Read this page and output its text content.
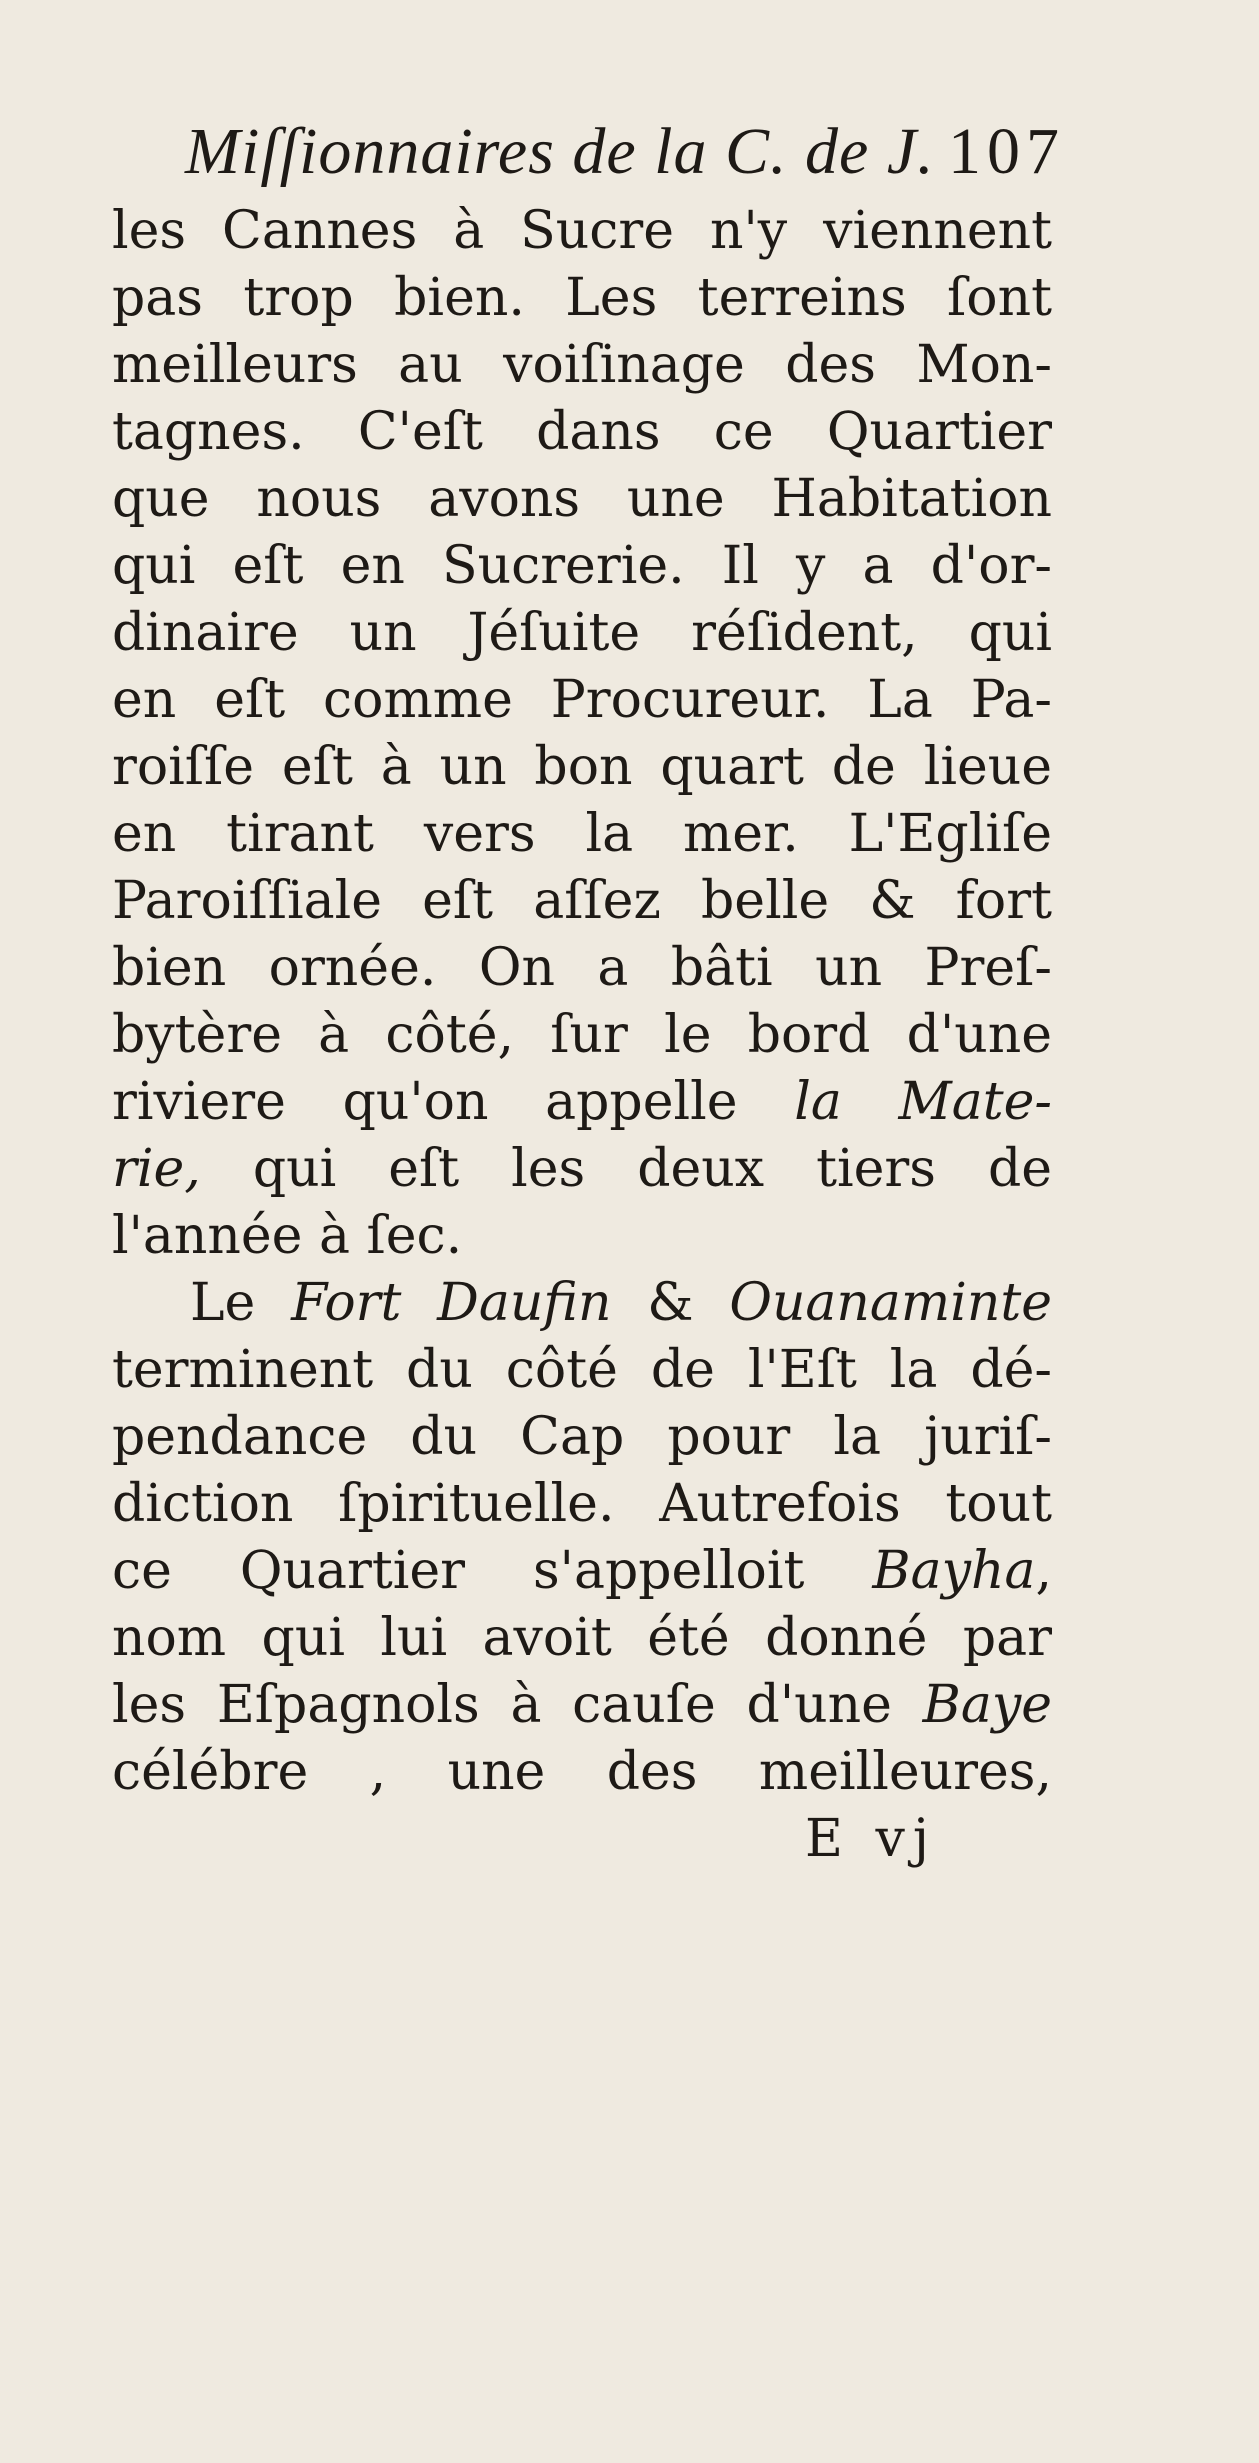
Miſſionnaires de la C. de J. 107
les Cannes à Sucre n'y viennent
pas trop bien. Les terreins ſont
meilleurs au voiſinage des Mon-
tagnes. C'eſt dans ce Quartier
que nous avons une Habitation
qui eſt en Sucrerie. Il y a d'or-
dinaire un Jéſuite réſident, qui
en eſt comme Procureur. La Pa-
roiſſe eſt à un bon quart de lieue
en tirant vers la mer. L'Egliſe
Paroiſſiale eſt aſſez belle & fort
bien ornée. On a bâti un Preſ-
bytère à côté, ſur le bord d'une
riviere qu'on appelle la Mate-
rie, qui eſt les deux tiers de
l'année à ſec.
Le Fort Daufin & Ouanaminte
terminent du côté de l'Eſt la dé-
pendance du Cap pour la juriſ-
diction ſpirituelle. Autrefois tout
ce Quartier s'appelloit Bayha,
nom qui lui avoit été donné par
les Eſpagnols à cauſe d'une Baye
célébre , une des meilleures,
E vj
